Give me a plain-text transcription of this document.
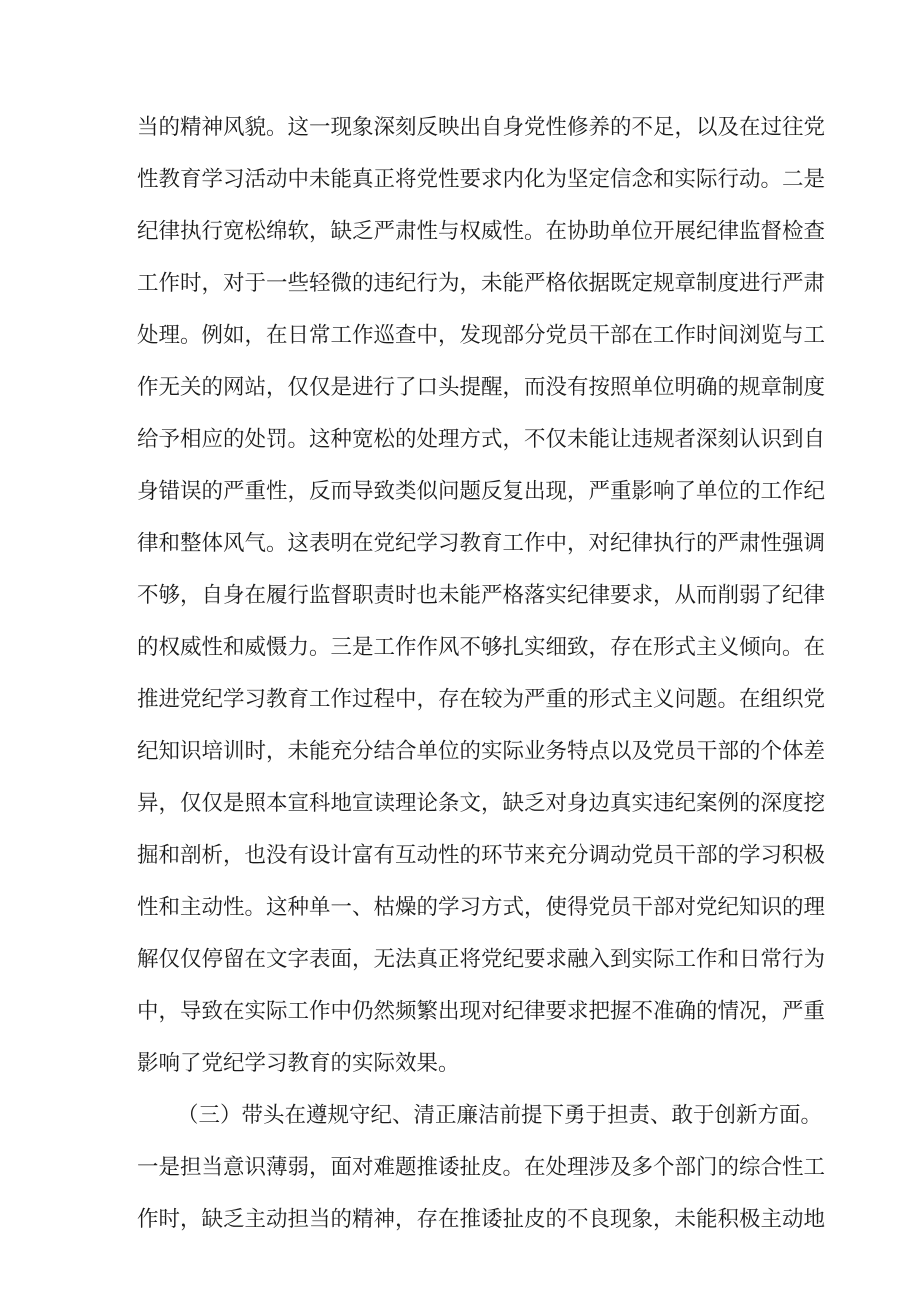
当的精神风貌。这一现象深刻反映出自身党性修养的不足，以及在过往党

性教育学习活动中未能真正将党性要求内化为坚定信念和实际行动。二是

纪律执行宽松绵软，缺乏严肃性与权威性。在协助单位开展纪律监督检查

工作时，对于一些轻微的违纪行为，未能严格依据既定规章制度进行严肃

处理。例如，在日常工作巡查中，发现部分党员干部在工作时间浏览与工

作无关的网站，仅仅是进行了口头提醒，而没有按照单位明确的规章制度

给予相应的处罚。这种宽松的处理方式，不仅未能让违规者深刻认识到自

身错误的严重性，反而导致类似问题反复出现，严重影响了单位的工作纪

律和整体风气。这表明在党纪学习教育工作中，对纪律执行的严肃性强调

不够，自身在履行监督职责时也未能严格落实纪律要求，从而削弱了纪律

的权威性和威慑力。三是工作作风不够扎实细致，存在形式主义倾向。在

推进党纪学习教育工作过程中，存在较为严重的形式主义问题。在组织党

纪知识培训时，未能充分结合单位的实际业务特点以及党员干部的个体差

异，仅仅是照本宣科地宣读理论条文，缺乏对身边真实违纪案例的深度挖

掘和剖析，也没有设计富有互动性的环节来充分调动党员干部的学习积极

性和主动性。这种单一、枯燥的学习方式，使得党员干部对党纪知识的理

解仅仅停留在文字表面，无法真正将党纪要求融入到实际工作和日常行为

中，导致在实际工作中仍然频繁出现对纪律要求把握不准确的情况，严重

影响了党纪学习教育的实际效果。

（三）带头在遵规守纪、清正廉洁前提下勇于担责、敢于创新方面。

一是担当意识薄弱，面对难题推诿扯皮。在处理涉及多个部门的综合性工

作时，缺乏主动担当的精神，存在推诿扯皮的不良现象，未能积极主动地
